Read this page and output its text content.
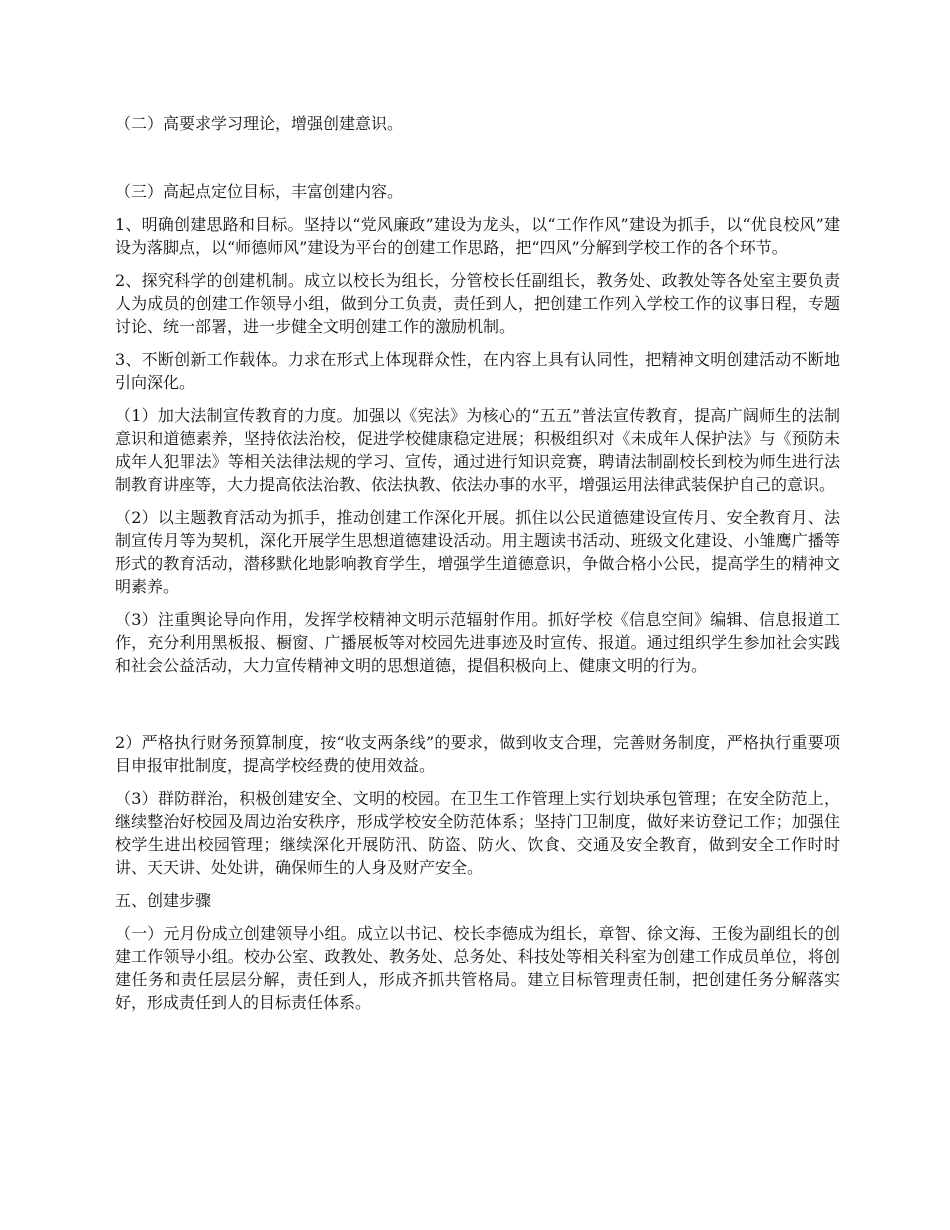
（二）高要求学习理论，增强创建意识。

（三）高起点定位目标，丰富创建内容。

1、明确创建思路和目标。坚持以“党风廉政”建设为龙头，以“工作作风”建设为抓手，以“优良校风”建设为落脚点，以“师德师风”建设为平台的创建工作思路，把“四风”分解到学校工作的各个环节。

2、探究科学的创建机制。成立以校长为组长，分管校长任副组长，教务处、政教处等各处室主要负责人为成员的创建工作领导小组，做到分工负责，责任到人，把创建工作列入学校工作的议事日程，专题讨论、统一部署，进一步健全文明创建工作的激励机制。

3、不断创新工作载体。力求在形式上体现群众性，在内容上具有认同性，把精神文明创建活动不断地引向深化。

（1）加大法制宣传教育的力度。加强以《宪法》为核心的“五五”普法宣传教育，提高广阔师生的法制意识和道德素养，坚持依法治校，促进学校健康稳定进展；积极组织对《未成年人保护法》与《预防未成年人犯罪法》等相关法律法规的学习、宣传，通过进行知识竞赛，聘请法制副校长到校为师生进行法制教育讲座等，大力提高依法治教、依法执教、依法办事的水平，增强运用法律武装保护自己的意识。

（2）以主题教育活动为抓手，推动创建工作深化开展。抓住以公民道德建设宣传月、安全教育月、法制宣传月等为契机，深化开展学生思想道德建设活动。用主题读书活动、班级文化建设、小雏鹰广播等形式的教育活动，潜移默化地影响教育学生，增强学生道德意识，争做合格小公民，提高学生的精神文明素养。

（3）注重舆论导向作用，发挥学校精神文明示范辐射作用。抓好学校《信息空间》编辑、信息报道工作，充分利用黑板报、橱窗、广播展板等对校园先进事迹及时宣传、报道。通过组织学生参加社会实践和社会公益活动，大力宣传精神文明的思想道德，提倡积极向上、健康文明的行为。

2）严格执行财务预算制度，按“收支两条线”的要求，做到收支合理，完善财务制度，严格执行重要项目申报审批制度，提高学校经费的使用效益。

（3）群防群治，积极创建安全、文明的校园。在卫生工作管理上实行划块承包管理；在安全防范上，继续整治好校园及周边治安秩序，形成学校安全防范体系；坚持门卫制度，做好来访登记工作；加强住校学生进出校园管理；继续深化开展防汛、防盗、防火、饮食、交通及安全教育，做到安全工作时时讲、天天讲、处处讲，确保师生的人身及财产安全。

五、创建步骤

（一）元月份成立创建领导小组。成立以书记、校长李德成为组长，章智、徐文海、王俊为副组长的创建工作领导小组。校办公室、政教处、教务处、总务处、科技处等相关科室为创建工作成员单位，将创建任务和责任层层分解，责任到人，形成齐抓共管格局。建立目标管理责任制，把创建任务分解落实好，形成责任到人的目标责任体系。
